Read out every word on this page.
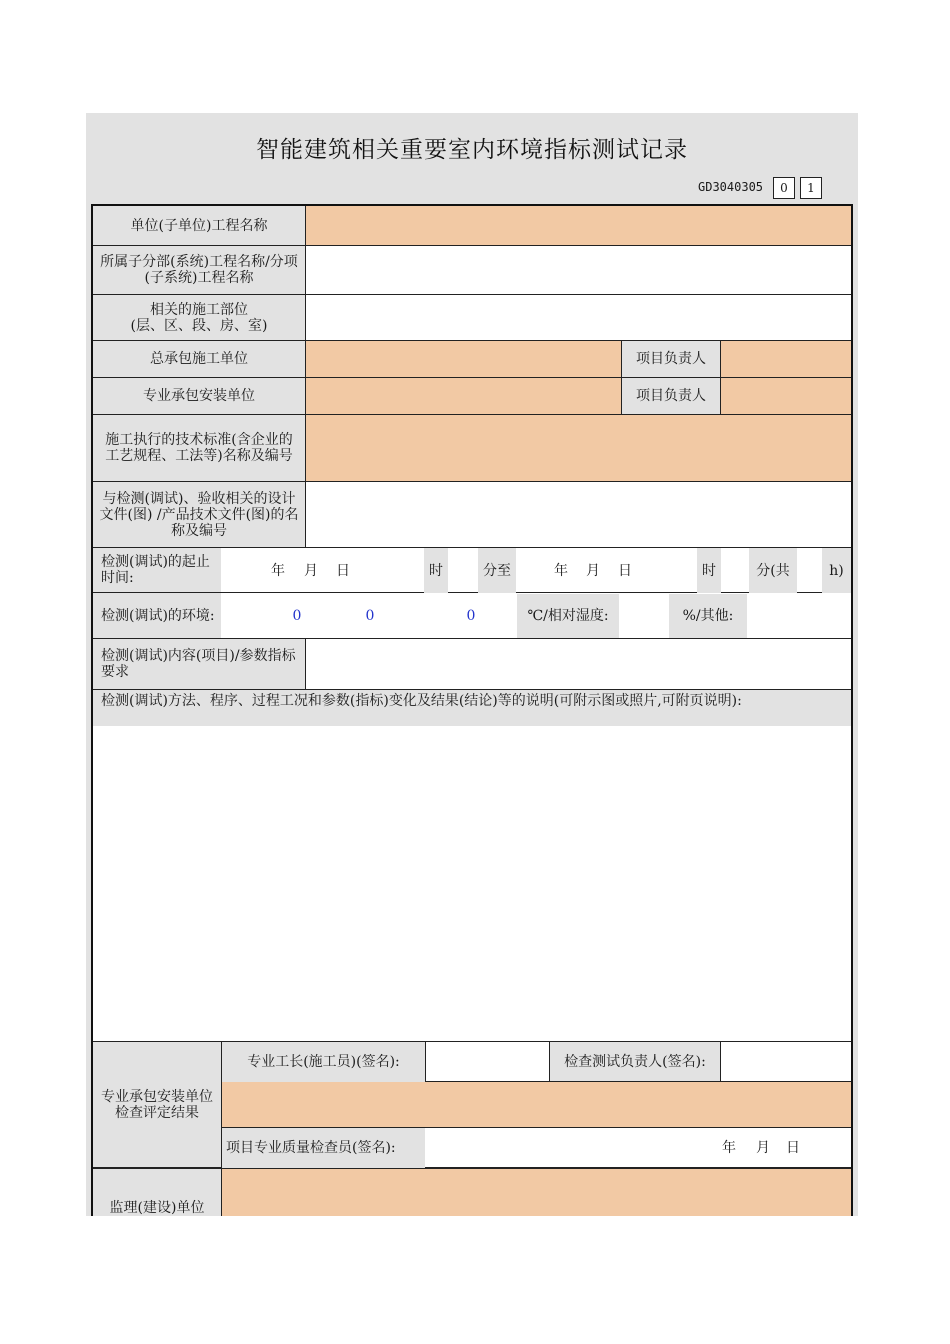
智能建筑相关重要室内环境指标测试记录
GD3040305	0	1
单位(子单位)工程名称
所属子分部(系统)工程名称/分项(子系统)工程名称
相关的施工部位
(层、区、段、房、室)
总承包施工单位	项目负责人
专业承包安装单位	项目负责人
施工执行的技术标准(含企业的工艺规程、工法等)名称及编号
与检测(调试)、验收相关的设计文件(图) /产品技术文件(图)的名称及编号
检测(调试)的起止时间:	年	月	日	时	分至	年	月	日	时	分(共	h)
检测(调试)的环境:	0	0	0	℃/相对湿度:	%/其他:
检测(调试)内容(项目)/参数指标要求
检测(调试)方法、程序、过程工况和参数(指标)变化及结果(结论)等的说明(可附示图或照片,可附页说明):
专业承包安装单位
检查评定结果
专业工长(施工员)(签名):	检查测试负责人(签名):
项目专业质量检查员(签名):	年	月	日
监理(建设)单位
